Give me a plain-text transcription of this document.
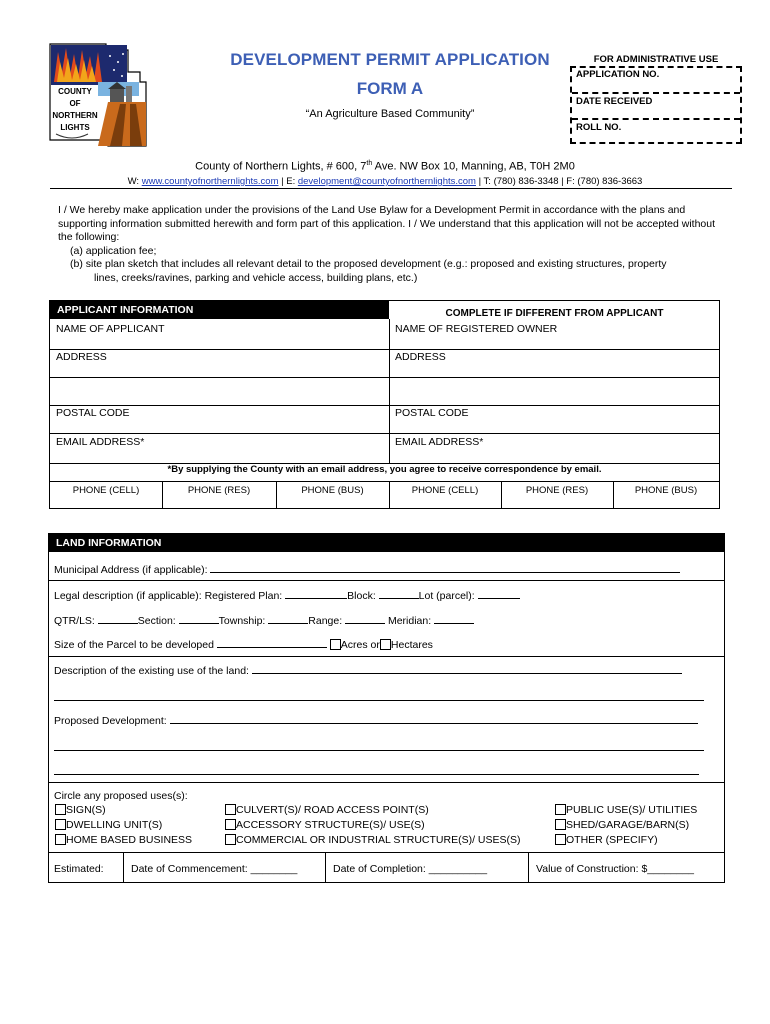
COUNTY
OF
NORTHERN
LIGHTS
DEVELOPMENT PERMIT APPLICATION
FORM A
“An Agriculture Based Community”
FOR ADMINISTRATIVE USE
APPLICATION NO.
DATE RECEIVED
ROLL NO.
County of Northern Lights, # 600, 7th Ave. NW Box 10, Manning, AB, T0H 2M0
W: www.countyofnorthernlights.com | E: development@countyofnorthernlights.com | T: (780) 836-3348 | F: (780) 836-3663
I / We hereby make application under the provisions of the Land Use Bylaw for a Development Permit in accordance with the plans and supporting information submitted herewith and form part of this application. I / We understand that this application will not be accepted without the following:
(a) application fee;
(b) site plan sketch that includes all relevant detail to the proposed development (e.g.: proposed and existing structures, property
lines, creeks/ravines, parking and vehicle access, building plans, etc.)
APPLICANT INFORMATION	COMPLETE IF DIFFERENT FROM APPLICANT
NAME OF APPLICANT	NAME OF REGISTERED OWNER
ADDRESS	ADDRESS
POSTAL CODE	POSTAL CODE
EMAIL ADDRESS*	EMAIL ADDRESS*
*By supplying the County with an email address, you agree to receive correspondence by email.
PHONE (CELL)	PHONE (RES)	PHONE (BUS)	PHONE (CELL)	PHONE (RES)	PHONE (BUS)
LAND INFORMATION
Municipal Address (if applicable):
Legal description (if applicable): Registered Plan:	Block:	Lot (parcel):
QTR/LS:	Section:	Township:	Range:	Meridian:
Size of the Parcel to be developed	Acres or Hectares
Description of the existing use of the land:
Proposed Development:
Circle any proposed uses(s):
SIGN(S)
DWELLING UNIT(S)
HOME BASED BUSINESS
CULVERT(S)/ ROAD ACCESS POINT(S)
ACCESSORY STRUCTURE(S)/ USE(S)
COMMERCIAL OR INDUSTRIAL STRUCTURE(S)/ USES(S)
PUBLIC USE(S)/ UTILITIES
SHED/GARAGE/BARN(S)
OTHER (SPECIFY)
Estimated:	Date of Commencement: ________	Date of Completion: __________	Value of Construction: $________
